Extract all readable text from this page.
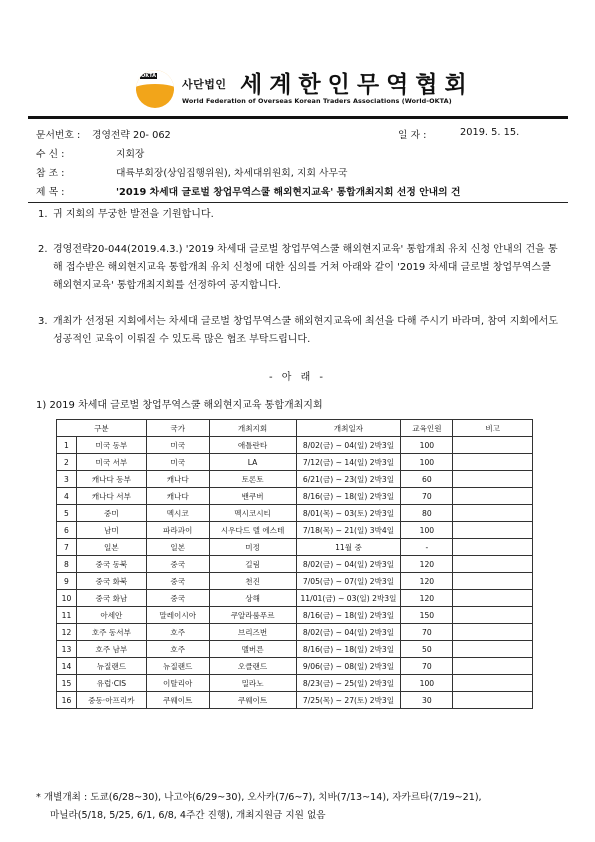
OKTA
사단법인 세계한인무역협회
World Federation of Overseas Korean Traders Associations (World-OKTA)
문서번호 :	경영전략 20- 062	일 자 :	2019. 5. 15.
수 신 :	지회장
참 조 :	대륙부회장(상임집행위원), 차세대위원회, 지회 사무국
제 목 :	'2019 차세대 글로벌 창업무역스쿨 해외현지교육' 통합개최지회 선정 안내의 건
1. 귀 지회의 무궁한 발전을 기원합니다.
2. 경영전략20-044(2019.4.3.) '2019 차세대 글로벌 창업무역스쿨 해외현지교육' 통합개최 유치 신청 안내의 건을 통해 접수받은 해외현지교육 통합개최 유치 신청에 대한 심의를 거쳐 아래와 같이 '2019 차세대 글로벌 창업무역스쿨 해외현지교육' 통합개최지회를 선정하여 공지합니다.
3. 개최가 선정된 지회에서는 차세대 글로벌 창업무역스쿨 해외현지교육에 최선을 다해 주시기 바라며, 참여 지회에서도 성공적인 교육이 이뤄질 수 있도록 많은 협조 부탁드립니다.
- 아 래 -
1) 2019 차세대 글로벌 창업무역스쿨 해외현지교육 통합개최지회
구분		국가	개최지회	개최일자	교육인원	비고
1	미국 동부	미국	애틀란타	8/02(금) ~ 04(일) 2박3일	100	
2	미국 서부	미국	LA	7/12(금) ~ 14(일) 2박3일	100	
3	캐나다 동부	캐나다	토론토	6/21(금) ~ 23(일) 2박3일	60	
4	캐나다 서부	캐나다	밴쿠버	8/16(금) ~ 18(일) 2박3일	70	
5	중미	멕시코	멕시코시티	8/01(목) ~ 03(토) 2박3일	80	
6	남미	파라과이	시우다드 델 에스테	7/18(목) ~ 21(일) 3박4일	100	
7	일본	일본	미정	11월 중	-	
8	중국 동북	중국	길림	8/02(금) ~ 04(일) 2박3일	120	
9	중국 화북	중국	천진	7/05(금) ~ 07(일) 2박3일	120	
10	중국 화남	중국	상해	11/01(금) ~ 03(일) 2박3일	120	
11	아세안	말레이시아	쿠알라룸푸르	8/16(금) ~ 18(일) 2박3일	150	
12	호주 동서부	호주	브리즈번	8/02(금) ~ 04(일) 2박3일	70	
13	호주 남부	호주	멜버른	8/16(금) ~ 18(일) 2박3일	50	
14	뉴질랜드	뉴질랜드	오클랜드	9/06(금) ~ 08(일) 2박3일	70	
15	유럽·CIS	이탈리아	밀라노	8/23(금) ~ 25(일) 2박3일	100	
16	중동·아프리카	쿠웨이트	쿠웨이트	7/25(목) ~ 27(토) 2박3일	30	
* 개별개최 : 도쿄(6/28~30), 나고야(6/29~30), 오사카(7/6~7), 치바(7/13~14), 자카르타(7/19~21),
마닐라(5/18, 5/25, 6/1, 6/8, 4주간 진행), 개최지원금 지원 없음
